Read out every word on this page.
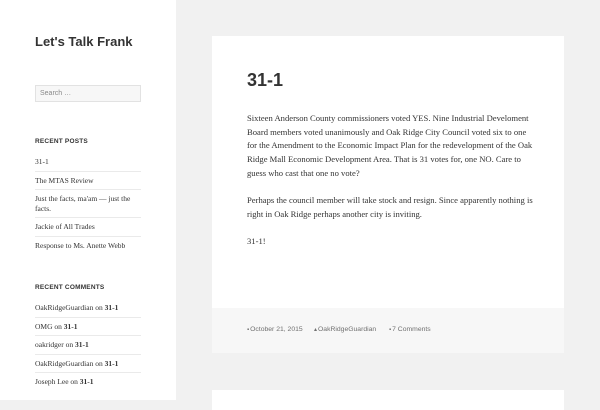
Let's Talk Frank
Search …
RECENT POSTS
31-1
The MTAS Review
Just the facts, ma'am — just the facts.
Jackie of All Trades
Response to Ms. Anette Webb
RECENT COMMENTS
OakRidgeGuardian on 31-1
OMG on 31-1
oakridger on 31-1
OakRidgeGuardian on 31-1
Joseph Lee on 31-1
31-1

Sixteen Anderson County commissioners voted YES. Nine Industrial Develoment Board members voted unanimously and Oak Ridge City Council voted six to one for the Amendment to the Economic Impact Plan for the redevelopment of the Oak Ridge Mall Economic Development Area. That is 31 votes for, one NO. Care to guess who cast that one no vote?

Perhaps the council member will take stock and resign. Since apparently nothing is right in Oak Ridge perhaps another city is inviting.

31-1!

▪October 21, 2015 ▴OakRidgeGuardian ▪7 Comments
